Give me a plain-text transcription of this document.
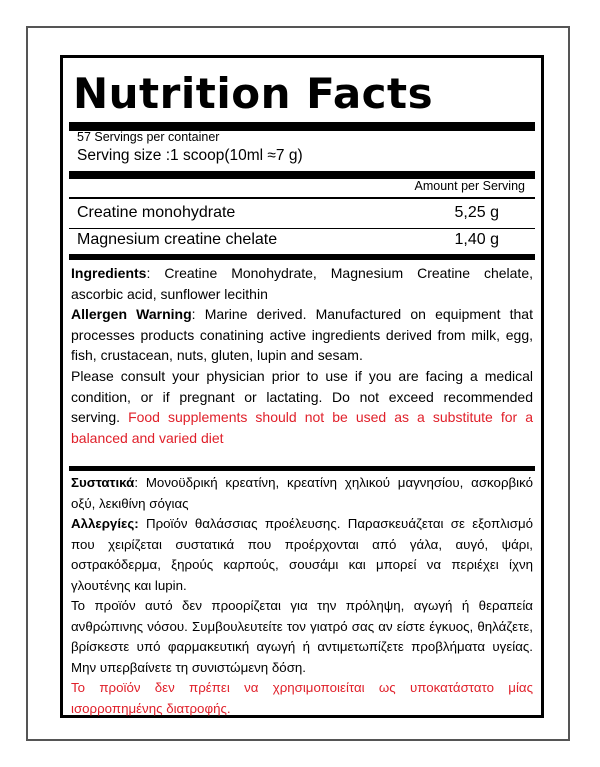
Nutrition Facts
57 Servings per container
Serving size :1 scoop(10ml ≈7 g)
Amount per Serving
Creatine monohydrate	5,25 g
Magnesium creatine chelate	1,40 g

Ingredients: Creatine Monohydrate, Magnesium Creatine chelate, ascorbic acid, sunflower lecithin

Allergen Warning: Marine derived. Manufactured on equipment that processes products conatining active ingredients derived from milk, egg, fish, crustacean, nuts, gluten, lupin and sesam.

Please consult your physician prior to use if you are facing a medical condition, or if pregnant or lactating. Do not exceed recommended serving. Food supplements should not be used as a substitute for a balanced and varied diet

Συστατικά: Μονοϋδρική κρεατίνη, κρεατίνη χηλικού μαγνησίου, ασκορβικό οξύ, λεκιθίνη σόγιας

Αλλεργίες: Προϊόν θαλάσσιας προέλευσης. Παρασκευάζεται σε εξοπλισμό που χειρίζεται συστατικά που προέρχονται από γάλα, αυγό, ψάρι, οστρακόδερμα, ξηρούς καρπούς, σουσάμι και μπορεί να περιέχει ίχνη γλουτένης και lupin.

Το προϊόν αυτό δεν προορίζεται για την πρόληψη, αγωγή ή θεραπεία ανθρώπινης νόσου. Συμβουλευτείτε τον γιατρό σας αν είστε έγκυος, θηλάζετε, βρίσκεστε υπό φαρμακευτική αγωγή ή αντιμετωπίζετε προβλήματα υγείας. Μην υπερβαίνετε τη συνιστώμενη δόση.

Το προϊόν δεν πρέπει να χρησιμοποιείται ως υποκατάστατο μίας ισορροπημένης διατροφής.
